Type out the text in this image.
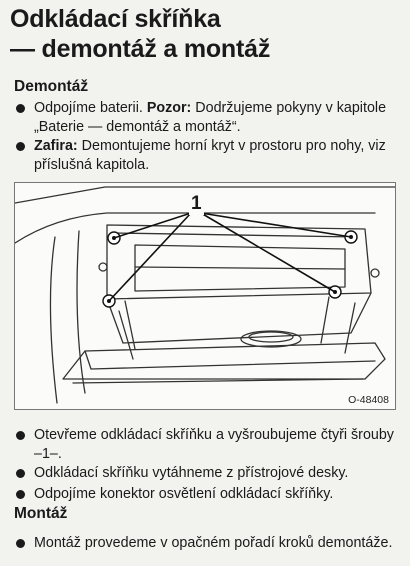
Odkládací skříňka
— demontáž a montáž
Demontáž
Odpojíme baterii. Pozor: Dodržujeme pokyny v kapitole „Baterie — demontáž a montáž“.
Zafira: Demontujeme horní kryt v prostoru pro nohy, viz příslušná kapitola.
1
O-48408
Otevřeme odkládací skříňku a vyšroubujeme čtyři šrouby –1–.
Odkládací skříňku vytáhneme z přístrojové desky.
Odpojíme konektor osvětlení odkládací skříňky.
Montáž
Montáž provedeme v opačném pořadí kroků demontáže.
